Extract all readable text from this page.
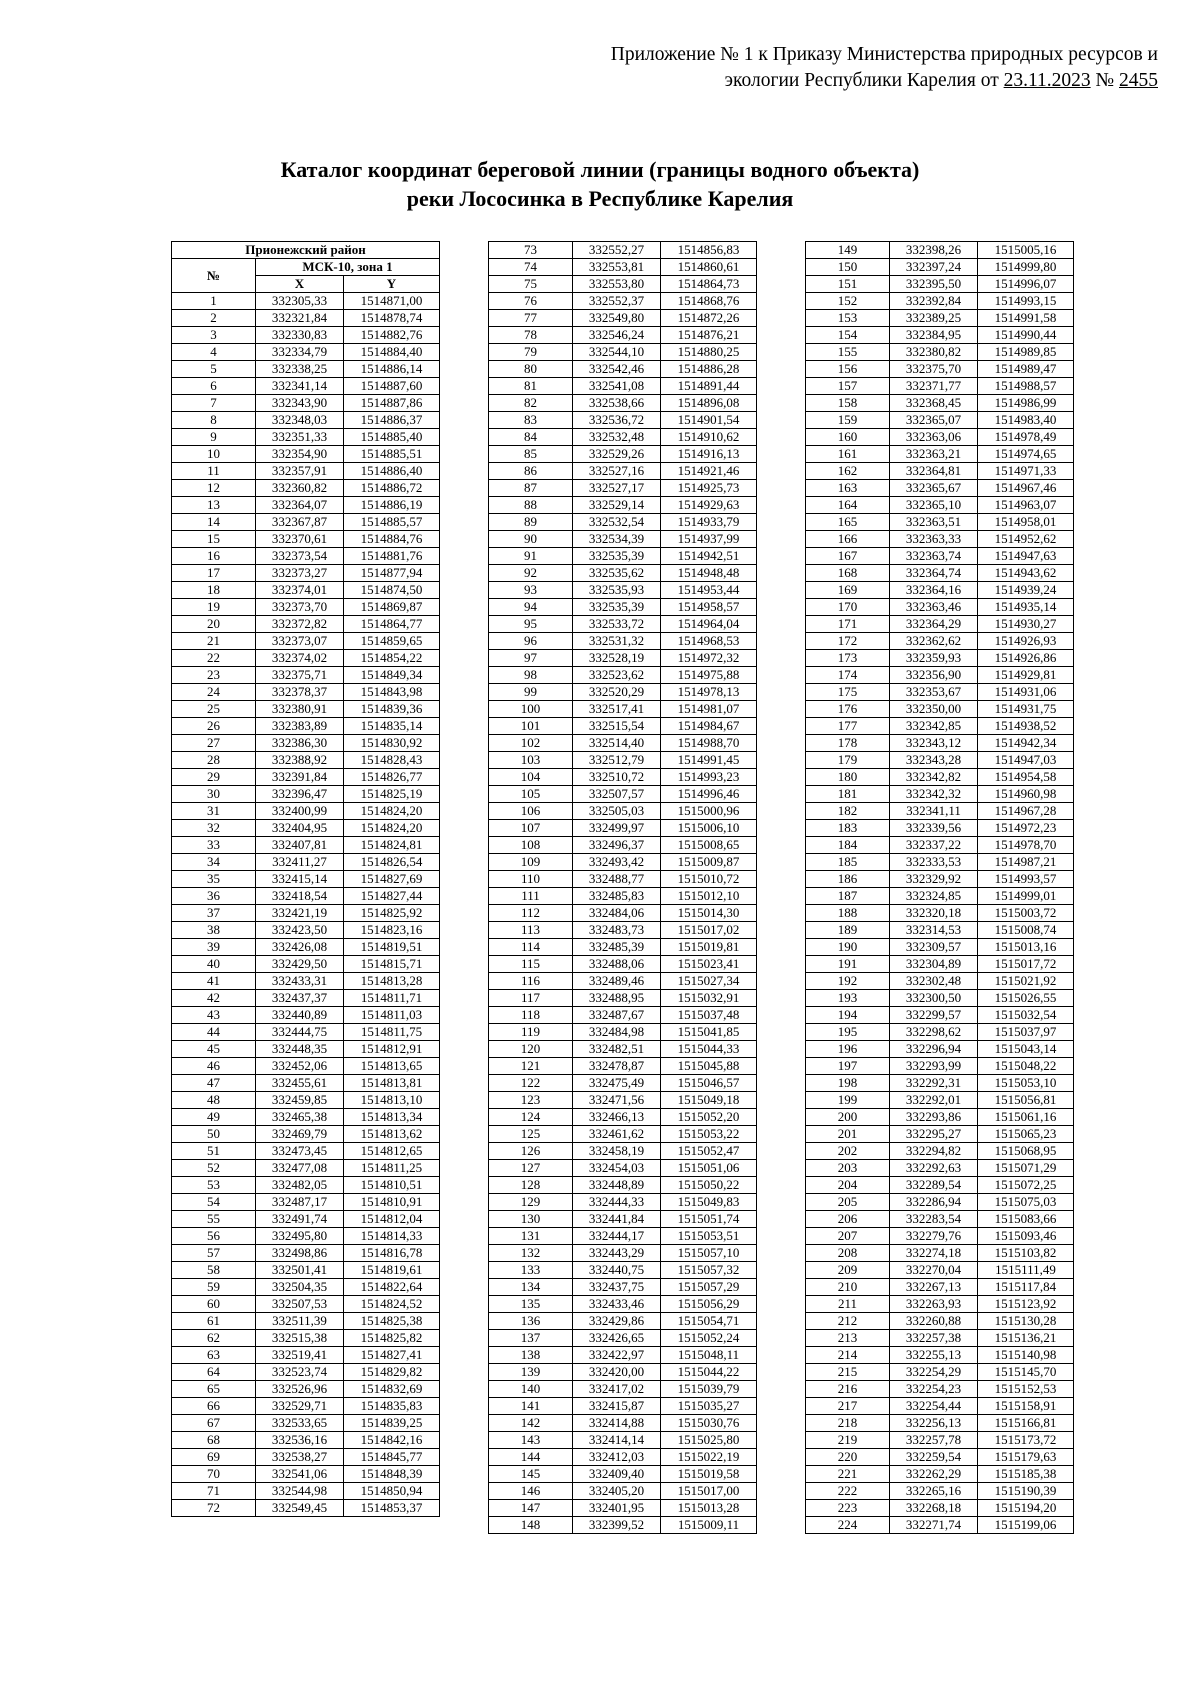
Приложение № 1 к Приказу Министерства природных ресурсов и
экологии Республики Карелия от 23.11.2023 № 2455
Каталог координат береговой линии (границы водного объекта)
реки Лососинка в Республике Карелия
Прионежский район		
№	МСК-10, зона 1	
	X	Y
1	332305,33	1514871,00
2	332321,84	1514878,74
3	332330,83	1514882,76
4	332334,79	1514884,40
5	332338,25	1514886,14
6	332341,14	1514887,60
7	332343,90	1514887,86
8	332348,03	1514886,37
9	332351,33	1514885,40
10	332354,90	1514885,51
11	332357,91	1514886,40
12	332360,82	1514886,72
13	332364,07	1514886,19
14	332367,87	1514885,57
15	332370,61	1514884,76
16	332373,54	1514881,76
17	332373,27	1514877,94
18	332374,01	1514874,50
19	332373,70	1514869,87
20	332372,82	1514864,77
21	332373,07	1514859,65
22	332374,02	1514854,22
23	332375,71	1514849,34
24	332378,37	1514843,98
25	332380,91	1514839,36
26	332383,89	1514835,14
27	332386,30	1514830,92
28	332388,92	1514828,43
29	332391,84	1514826,77
30	332396,47	1514825,19
31	332400,99	1514824,20
32	332404,95	1514824,20
33	332407,81	1514824,81
34	332411,27	1514826,54
35	332415,14	1514827,69
36	332418,54	1514827,44
37	332421,19	1514825,92
38	332423,50	1514823,16
39	332426,08	1514819,51
40	332429,50	1514815,71
41	332433,31	1514813,28
42	332437,37	1514811,71
43	332440,89	1514811,03
44	332444,75	1514811,75
45	332448,35	1514812,91
46	332452,06	1514813,65
47	332455,61	1514813,81
48	332459,85	1514813,10
49	332465,38	1514813,34
50	332469,79	1514813,62
51	332473,45	1514812,65
52	332477,08	1514811,25
53	332482,05	1514810,51
54	332487,17	1514810,91
55	332491,74	1514812,04
56	332495,80	1514814,33
57	332498,86	1514816,78
58	332501,41	1514819,61
59	332504,35	1514822,64
60	332507,53	1514824,52
61	332511,39	1514825,38
62	332515,38	1514825,82
63	332519,41	1514827,41
64	332523,74	1514829,82
65	332526,96	1514832,69
66	332529,71	1514835,83
67	332533,65	1514839,25
68	332536,16	1514842,16
69	332538,27	1514845,77
70	332541,06	1514848,39
71	332544,98	1514850,94
72	332549,45	1514853,37
73	332552,27	1514856,83
74	332553,81	1514860,61
75	332553,80	1514864,73
76	332552,37	1514868,76
77	332549,80	1514872,26
78	332546,24	1514876,21
79	332544,10	1514880,25
80	332542,46	1514886,28
81	332541,08	1514891,44
82	332538,66	1514896,08
83	332536,72	1514901,54
84	332532,48	1514910,62
85	332529,26	1514916,13
86	332527,16	1514921,46
87	332527,17	1514925,73
88	332529,14	1514929,63
89	332532,54	1514933,79
90	332534,39	1514937,99
91	332535,39	1514942,51
92	332535,62	1514948,48
93	332535,93	1514953,44
94	332535,39	1514958,57
95	332533,72	1514964,04
96	332531,32	1514968,53
97	332528,19	1514972,32
98	332523,62	1514975,88
99	332520,29	1514978,13
100	332517,41	1514981,07
101	332515,54	1514984,67
102	332514,40	1514988,70
103	332512,79	1514991,45
104	332510,72	1514993,23
105	332507,57	1514996,46
106	332505,03	1515000,96
107	332499,97	1515006,10
108	332496,37	1515008,65
109	332493,42	1515009,87
110	332488,77	1515010,72
111	332485,83	1515012,10
112	332484,06	1515014,30
113	332483,73	1515017,02
114	332485,39	1515019,81
115	332488,06	1515023,41
116	332489,46	1515027,34
117	332488,95	1515032,91
118	332487,67	1515037,48
119	332484,98	1515041,85
120	332482,51	1515044,33
121	332478,87	1515045,88
122	332475,49	1515046,57
123	332471,56	1515049,18
124	332466,13	1515052,20
125	332461,62	1515053,22
126	332458,19	1515052,47
127	332454,03	1515051,06
128	332448,89	1515050,22
129	332444,33	1515049,83
130	332441,84	1515051,74
131	332444,17	1515053,51
132	332443,29	1515057,10
133	332440,75	1515057,32
134	332437,75	1515057,29
135	332433,46	1515056,29
136	332429,86	1515054,71
137	332426,65	1515052,24
138	332422,97	1515048,11
139	332420,00	1515044,22
140	332417,02	1515039,79
141	332415,87	1515035,27
142	332414,88	1515030,76
143	332414,14	1515025,80
144	332412,03	1515022,19
145	332409,40	1515019,58
146	332405,20	1515017,00
147	332401,95	1515013,28
148	332399,52	1515009,11
149	332398,26	1515005,16
150	332397,24	1514999,80
151	332395,50	1514996,07
152	332392,84	1514993,15
153	332389,25	1514991,58
154	332384,95	1514990,44
155	332380,82	1514989,85
156	332375,70	1514989,47
157	332371,77	1514988,57
158	332368,45	1514986,99
159	332365,07	1514983,40
160	332363,06	1514978,49
161	332363,21	1514974,65
162	332364,81	1514971,33
163	332365,67	1514967,46
164	332365,10	1514963,07
165	332363,51	1514958,01
166	332363,33	1514952,62
167	332363,74	1514947,63
168	332364,74	1514943,62
169	332364,16	1514939,24
170	332363,46	1514935,14
171	332364,29	1514930,27
172	332362,62	1514926,93
173	332359,93	1514926,86
174	332356,90	1514929,81
175	332353,67	1514931,06
176	332350,00	1514931,75
177	332342,85	1514938,52
178	332343,12	1514942,34
179	332343,28	1514947,03
180	332342,82	1514954,58
181	332342,32	1514960,98
182	332341,11	1514967,28
183	332339,56	1514972,23
184	332337,22	1514978,70
185	332333,53	1514987,21
186	332329,92	1514993,57
187	332324,85	1514999,01
188	332320,18	1515003,72
189	332314,53	1515008,74
190	332309,57	1515013,16
191	332304,89	1515017,72
192	332302,48	1515021,92
193	332300,50	1515026,55
194	332299,57	1515032,54
195	332298,62	1515037,97
196	332296,94	1515043,14
197	332293,99	1515048,22
198	332292,31	1515053,10
199	332292,01	1515056,81
200	332293,86	1515061,16
201	332295,27	1515065,23
202	332294,82	1515068,95
203	332292,63	1515071,29
204	332289,54	1515072,25
205	332286,94	1515075,03
206	332283,54	1515083,66
207	332279,76	1515093,46
208	332274,18	1515103,82
209	332270,04	1515111,49
210	332267,13	1515117,84
211	332263,93	1515123,92
212	332260,88	1515130,28
213	332257,38	1515136,21
214	332255,13	1515140,98
215	332254,29	1515145,70
216	332254,23	1515152,53
217	332254,44	1515158,91
218	332256,13	1515166,81
219	332257,78	1515173,72
220	332259,54	1515179,63
221	332262,29	1515185,38
222	332265,16	1515190,39
223	332268,18	1515194,20
224	332271,74	1515199,06
